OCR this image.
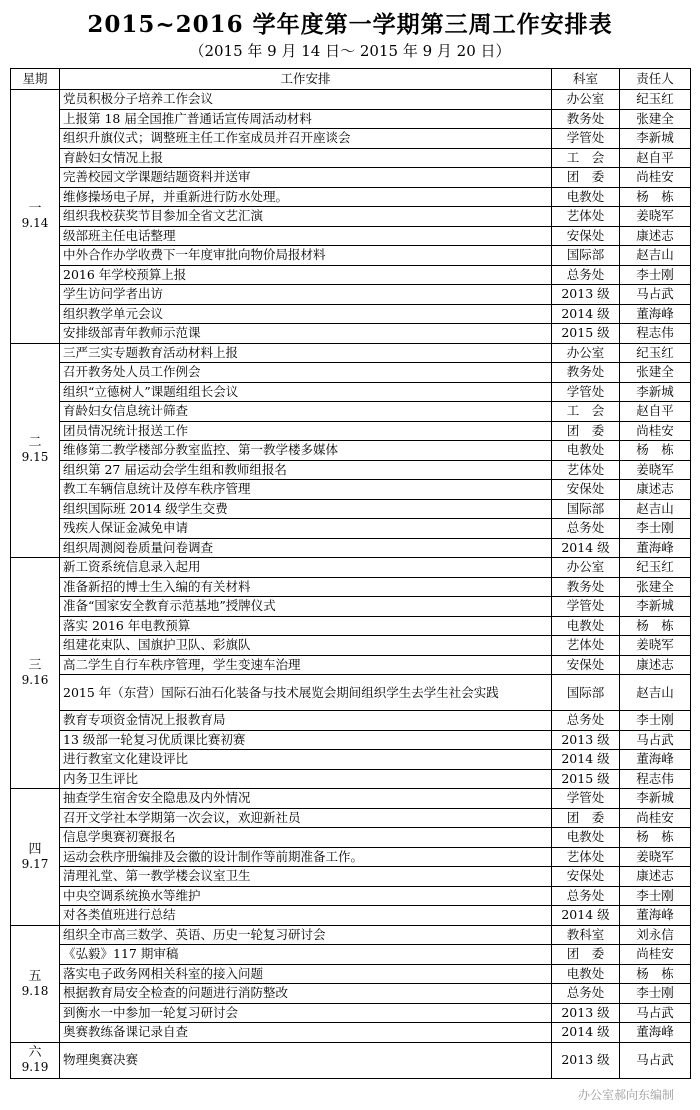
2015~2016 学年度第一学期第三周工作安排表
（2015 年 9 月 14 日～ 2015 年 9 月 20 日）
星期	工作安排	科室	责任人

一
9.14	党员积极分子培养工作会议	办公室	纪玉红
	上报第 18 届全国推广普通话宣传周活动材料	教务处	张建全
	组织升旗仪式；调整班主任工作室成员并召开座谈会	学管处	李新城
	育龄妇女情况上报	工　会	赵自平
	完善校园文学课题结题资料并送审	团　委	尚桂安
	维修操场电子屏，并重新进行防水处理。	电教处	杨　栋
	组织我校获奖节目参加全省文艺汇演	艺体处	姜晓军
	级部班主任电话整理	安保处	康述志
	中外合作办学收费下一年度审批向物价局报材料	国际部	赵吉山
	2016 年学校预算上报	总务处	李士刚
	学生访问学者出访	2013 级	马占武
	组织教学单元会议	2014 级	董海峰
	安排级部青年教师示范课	2015 级	程志伟

二
9.15	三严三实专题教育活动材料上报	办公室	纪玉红
	召开教务处人员工作例会	教务处	张建全
	组织“立德树人”课题组组长会议	学管处	李新城
	育龄妇女信息统计筛查	工　会	赵自平
	团员情况统计报送工作	团　委	尚桂安
	维修第二教学楼部分教室监控、第一教学楼多媒体	电教处	杨　栋
	组织第 27 届运动会学生组和教师组报名	艺体处	姜晓军
	教工车辆信息统计及停车秩序管理	安保处	康述志
	组织国际班 2014 级学生交费	国际部	赵吉山
	残疾人保证金减免申请	总务处	李士刚
	组织周测阅卷质量问卷调查	2014 级	董海峰

三
9.16	新工资系统信息录入起用	办公室	纪玉红
	准备新招的博士生入编的有关材料	教务处	张建全
	准备“国家安全教育示范基地”授牌仪式	学管处	李新城
	落实 2016 年电教预算	电教处	杨　栋
	组建花束队、国旗护卫队、彩旗队	艺体处	姜晓军
	高二学生自行车秩序管理，学生变速车治理	安保处	康述志
	2015 年（东营）国际石油石化装备与技术展览会期间组织学生去学生社会实践	国际部	赵吉山
	教育专项资金情况上报教育局	总务处	李士刚
	13 级部一轮复习优质课比赛初赛	2013 级	马占武
	进行教室文化建设评比	2014 级	董海峰
	内务卫生评比	2015 级	程志伟

四
9.17	抽查学生宿舍安全隐患及内外情况	学管处	李新城
	召开文学社本学期第一次会议，欢迎新社员	团　委	尚桂安
	信息学奥赛初赛报名	电教处	杨　栋
	运动会秩序册编排及会徽的设计制作等前期准备工作。	艺体处	姜晓军
	清理礼堂、第一教学楼会议室卫生	安保处	康述志
	中央空调系统换水等维护	总务处	李士刚
	对各类值班进行总结	2014 级	董海峰

五
9.18	组织全市高三数学、英语、历史一轮复习研讨会	教科室	刘永信
	《弘毅》117 期审稿	团　委	尚桂安
	落实电子政务网相关科室的接入问题	电教处	杨　栋
	根据教育局安全检查的问题进行消防整改	总务处	李士刚
	到衡水一中参加一轮复习研讨会	2013 级	马占武
	奥赛教练备课记录自查	2014 级	董海峰

六
9.19	物理奥赛决赛	2013 级	马占武
办公室郝向东编制
